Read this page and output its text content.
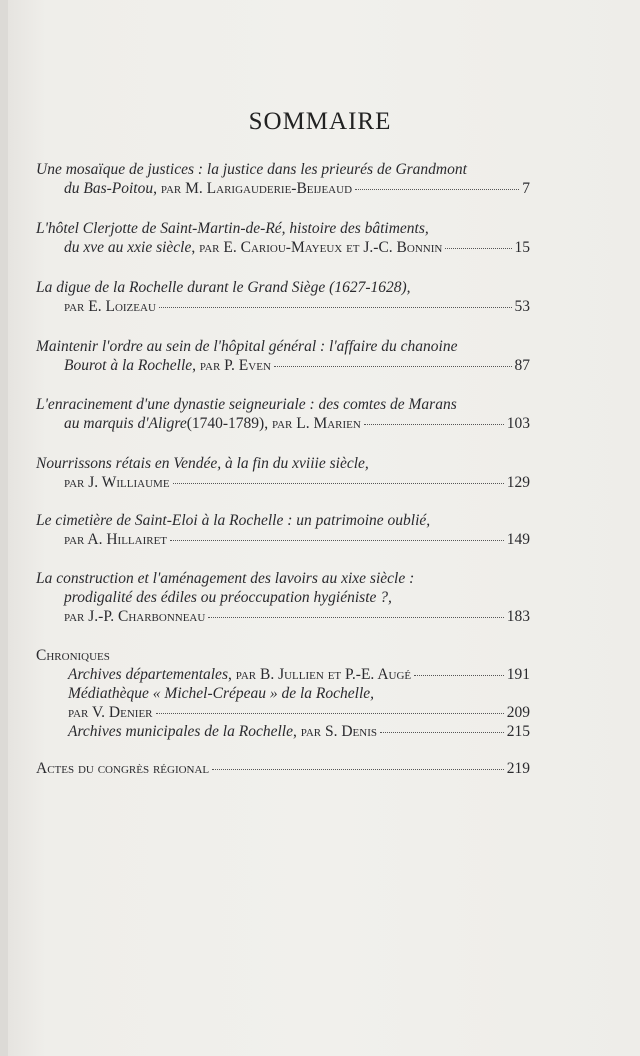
SOMMAIRE
Une mosaïque de justices : la justice dans les prieurés de Grandmont
du Bas-Poitou , par M. Larigauderie-Beijeaud	7
L'hôtel Clerjotte de Saint-Martin-de-Ré, histoire des bâtiments,
du xve au xxie siècle , par E. Cariou-Mayeux et J.-C. Bonnin	15
La digue de la Rochelle durant le Grand Siège (1627-1628),
par E. Loizeau	53
Maintenir l'ordre au sein de l'hôpital général : l'affaire du chanoine
Bourot à la Rochelle , par P. Even	87
L'enracinement d'une dynastie seigneuriale : des comtes de Marans
au marquis d'Aligre (1740-1789), par L. Marien	103
Nourrissons rétais en Vendée, à la fin du xviiie siècle,
par J. Williaume	129
Le cimetière de Saint-Eloi à la Rochelle : un patrimoine oublié,
par A. Hillairet	149
La construction et l'aménagement des lavoirs au xixe siècle :
prodigalité des édiles ou préoccupation hygiéniste ?,
par J.-P. Charbonneau	183
Chroniques
Archives départementales , par B. Jullien et P.-E. Augé	191
Médiathèque « Michel-Crépeau » de la Rochelle,
par V. Denier	209
Archives municipales de la Rochelle , par S. Denis	215
Actes du congrès régional	219
